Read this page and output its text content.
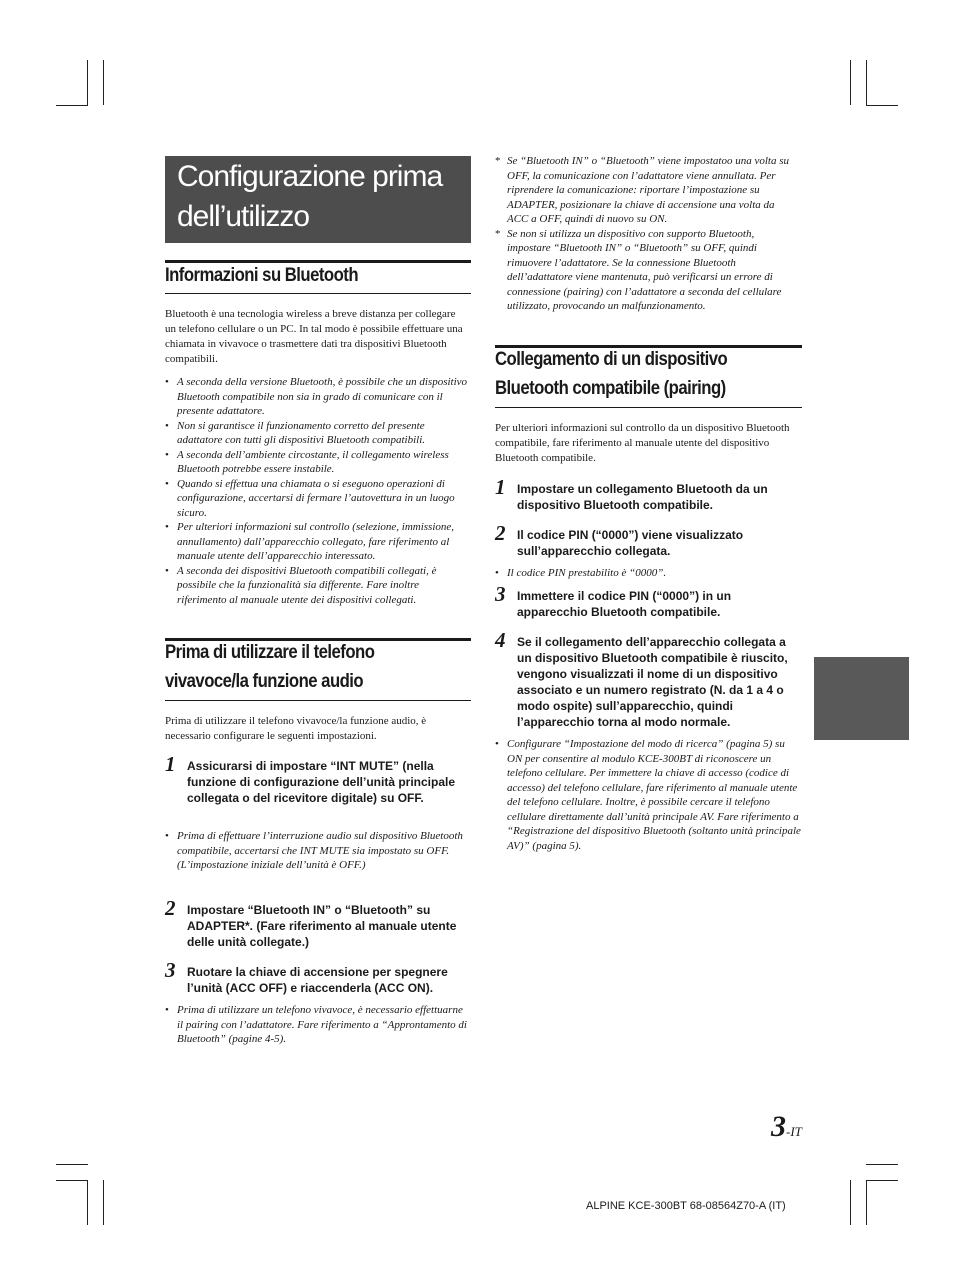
Configurazione prima
dell’utilizzo
Informazioni su Bluetooth

Bluetooth è una tecnologia wireless a breve distanza per collegare un telefono cellulare o un PC. In tal modo è possibile effettuare una chiamata in vivavoce o trasmettere dati tra dispositivi Bluetooth compatibili.

• A seconda della versione Bluetooth, è possibile che un dispositivo Bluetooth compatibile non sia in grado di comunicare con il presente adattatore.
• Non si garantisce il funzionamento corretto del presente adattatore con tutti gli dispositivi Bluetooth compatibili.
• A seconda dell’ambiente circostante, il collegamento wireless Bluetooth potrebbe essere instabile.
• Quando si effettua una chiamata o si eseguono operazioni di configurazione, accertarsi di fermare l’autovettura in un luogo sicuro.
• Per ulteriori informazioni sul controllo (selezione, immissione, annullamento) dall’apparecchio collegato, fare riferimento al manuale utente dell’apparecchio interessato.
• A seconda dei dispositivi Bluetooth compatibili collegati, è possibile che la funzionalità sia differente. Fare inoltre riferimento al manuale utente dei dispositivi collegati.
Prima di utilizzare il telefono
vivavoce/la funzione audio

Prima di utilizzare il telefono vivavoce/la funzione audio, è necessario configurare le seguenti impostazioni.

1 Assicurarsi di impostare “INT MUTE” (nella funzione di configurazione dell’unità principale collegata o del ricevitore digitale) su OFF.
• Prima di effettuare l’interruzione audio sul dispositivo Bluetooth compatibile, accertarsi che INT MUTE sia impostato su OFF. (L’impostazione iniziale dell’unità è OFF.)
2 Impostare “Bluetooth IN” o “Bluetooth” su ADAPTER*. (Fare riferimento al manuale utente delle unità collegate.)
3 Ruotare la chiave di accensione per spegnere l’unità (ACC OFF) e riaccenderla (ACC ON).
• Prima di utilizzare un telefono vivavoce, è necessario effettuarne il pairing con l’adattatore. Fare riferimento a “Approntamento di Bluetooth” (pagine 4-5).
* Se “Bluetooth IN” o “Bluetooth” viene impostatoo una volta su OFF, la comunicazione con l’adattatore viene annullata. Per riprendere la comunicazione: riportare l’impostazione su ADAPTER, posizionare la chiave di accensione una volta da ACC a OFF, quindi di nuovo su ON.
* Se non si utilizza un dispositivo con supporto Bluetooth, impostare “Bluetooth IN” o “Bluetooth” su OFF, quindi rimuovere l’adattatore. Se la connessione Bluetooth dell’adattatore viene mantenuta, può verificarsi un errore di connessione (pairing) con l’adattatore a seconda del cellulare utilizzato, provocando un malfunzionamento.
Collegamento di un dispositivo
Bluetooth compatibile (pairing)

Per ulteriori informazioni sul controllo da un dispositivo Bluetooth compatibile, fare riferimento al manuale utente del dispositivo Bluetooth compatibile.

1 Impostare un collegamento Bluetooth da un dispositivo Bluetooth compatibile.
2 Il codice PIN (“0000”) viene visualizzato sull’apparecchio collegata.
• Il codice PIN prestabilito è “0000”.
3 Immettere il codice PIN (“0000”) in un apparecchio Bluetooth compatibile.
4 Se il collegamento dell’apparecchio collegata a un dispositivo Bluetooth compatibile è riuscito, vengono visualizzati il nome di un dispositivo associato e un numero registrato (N. da 1 a 4 o modo ospite) sull’apparecchio, quindi l’apparecchio torna al modo normale.
• Configurare “Impostazione del modo di ricerca” (pagina 5) su ON per consentire al modulo KCE-300BT di riconoscere un telefono cellulare. Per immettere la chiave di accesso (codice di accesso) del telefono cellulare, fare riferimento al manuale utente del telefono cellulare. Inoltre, è possibile cercare il telefono cellulare direttamente dall’unità principale AV. Fare riferimento a “Registrazione del dispositivo Bluetooth (soltanto unità principale AV)” (pagina 5).
3-IT
ALPINE KCE-300BT 68-08564Z70-A (IT)
